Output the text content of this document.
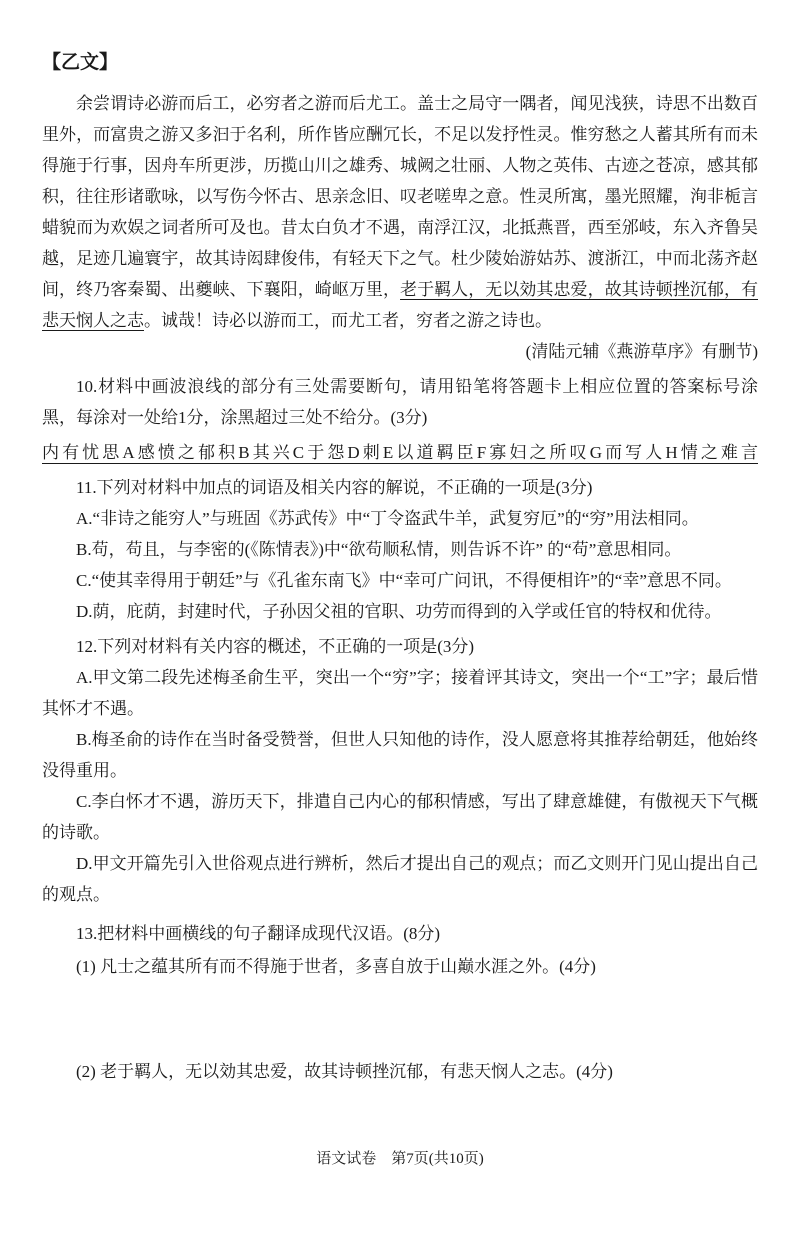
【乙文】

余尝谓诗必游而后工，必穷者之游而后尤工。盖士之局守一隅者，闻见浅狭，诗思不出数百里外，而富贵之游又多汩于名利，所作皆应酬冗长，不足以发抒性灵。惟穷愁之人蓄其所有而未得施于行事，因舟车所更涉，历揽山川之雄秀、城阙之壮丽、人物之英伟、古迹之苍凉，感其郁积，往往形诸歌咏，以写伤今怀古、思亲念旧、叹老嗟卑之意。性灵所寓，墨光照耀，洵非栀言蜡貌而为欢娱之词者所可及也。昔太白负才不遇，南浮江汉，北抵燕晋，西至邠岐，东入齐鲁吴越，足迹几遍寰宇，故其诗闳肆俊伟，有轻天下之气。杜少陵始游姑苏、渡浙江，中而北荡齐赵间，终乃客秦蜀、出夔峡、下襄阳，崎岖万里，老于羁人，无以効其忠爱，故其诗顿挫沉郁，有悲天悯人之志。诚哉！诗必以游而工，而尤工者，穷者之游之诗也。

(清陆元辅《燕游草序》有删节)

10.材料中画波浪线的部分有三处需要断句，请用铅笔将答题卡上相应位置的答案标号涂黑，每涂对一处给1分，涂黑超过三处不给分。(3分)

内有忧思A感愤之郁积B其兴C于怨D刺E以道羁臣F寡妇之所叹G而写人H情之难言

11.下列对材料中加点的词语及相关内容的解说，不正确的一项是(3分)

A.“非诗之能穷人”与班固《苏武传》中“丁令盗武牛羊，武复穷厄”的“穷”用法相同。

B.苟，苟且，与李密的(《陈情表》)中“欲苟顺私情，则告诉不许” 的“苟”意思相同。

C.“使其幸得用于朝廷”与《孔雀东南飞》中“幸可广问讯，不得便相许”的“幸”意思不同。

D.荫，庇荫，封建时代，子孙因父祖的官职、功劳而得到的入学或任官的特权和优待。

12.下列对材料有关内容的概述，不正确的一项是(3分)

A.甲文第二段先述梅圣俞生平，突出一个“穷”字；接着评其诗文，突出一个“工”字；最后惜其怀才不遇。

B.梅圣俞的诗作在当时备受赞誉，但世人只知他的诗作，没人愿意将其推荐给朝廷，他始终没得重用。

C.李白怀才不遇，游历天下，排遣自己内心的郁积情感，写出了肆意雄健，有傲视天下气概的诗歌。

D.甲文开篇先引入世俗观点进行辨析，然后才提出自己的观点；而乙文则开门见山提出自己的观点。

13.把材料中画横线的句子翻译成现代汉语。(8分)

(1) 凡士之蕴其所有而不得施于世者，多喜自放于山巅水涯之外。(4分)

(2) 老于羁人，无以効其忠爱，故其诗顿挫沉郁，有悲天悯人之志。(4分)

语文试卷　第7页(共10页)
